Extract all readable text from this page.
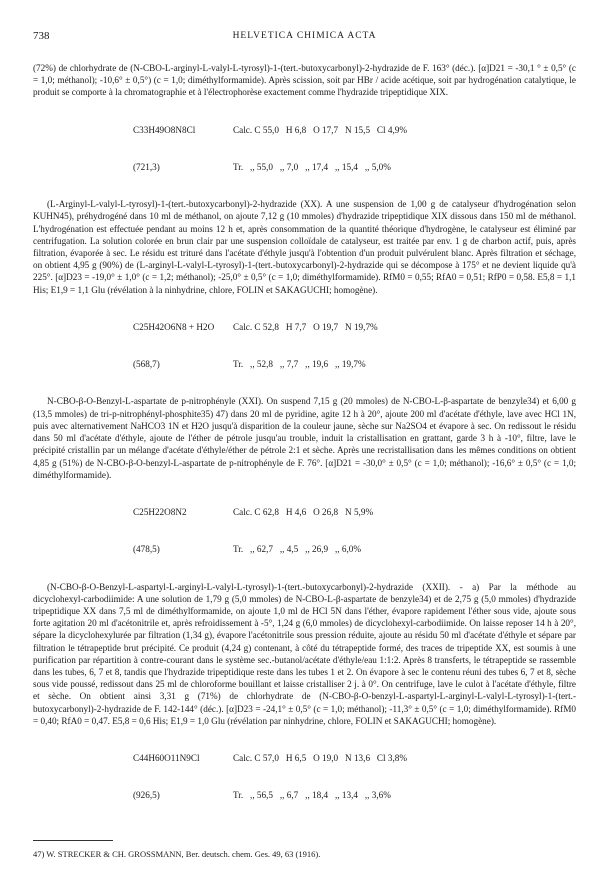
738	HELVETICA CHIMICA ACTA

(72%) de chlorhydrate de (N-CBO-L-arginyl-L-valyl-L-tyrosyl)-1-(tert.-butoxycarbonyl)-2-hydrazide de F. 163° (déc.). [α]D21 = -30,1 ° ± 0,5° (c = 1,0; méthanol); -10,6° ± 0,5°) (c = 1,0; diméthylformamide). Après scission, soit par HBr / acide acétique, soit par hydrogénation catalytique, le produit se comporte à la chromatographie et à l'électrophorèse exactement comme l'hydrazide tripeptidique XIX.

C33H49O8N8Cl	Calc. C 55,0   H 6,8   O 17,7   N 15,5   Cl 4,9%

(721,3)	Tr.   ,, 55,0   ,, 7,0   ,, 17,4   ,, 15,4   ,, 5,0%

(L-Arginyl-L-valyl-L-tyrosyl)-1-(tert.-butoxycarbonyl)-2-hydrazide (XX). A une suspension de 1,00 g de catalyseur d'hydrogénation selon KUHN45), préhydrogéné dans 10 ml de méthanol, on ajoute 7,12 g (10 mmoles) d'hydrazide tripeptidique XIX dissous dans 150 ml de méthanol. L'hydrogénation est effectuée pendant au moins 12 h et, après consommation de la quantité théorique d'hydrogène, le catalyseur est éliminé par centrifugation. La solution colorée en brun clair par une suspension colloïdale de catalyseur, est traitée par env. 1 g de charbon actif, puis, après filtration, évaporée à sec. Le résidu est trituré dans l'acétate d'éthyle jusqu'à l'obtention d'un produit pulvérulent blanc. Après filtration et séchage, on obtient 4,95 g (90%) de (L-arginyl-L-valyl-L-tyrosyl)-1-(tert.-butoxycarbonyl)-2-hydrazide qui se décompose à 175° et ne devient liquide qu'à 225°. [α]D23 = -19,0° ± 1,0° (c = 1,2; méthanol); -25,0° ± 0,5° (c = 1,0; diméthylformamide). RfM0 = 0,55; RfA0 = 0,51; RfP0 = 0,58. E5,8 = 1,1 His; E1,9 = 1,1 Glu (révélation à la ninhydrine, chlore, FOLIN et SAKAGUCHI; homogène).

C25H42O6N8 + H2O Calc. C 52,8   H 7,7   O 19,7   N 19,7%

(568,7)	Tr.   ,, 52,8   ,, 7,7   ,, 19,6   ,, 19,7%

N-CBO-β-O-Benzyl-L-aspartate de p-nitrophényle (XXI). On suspend 7,15 g (20 mmoles) de N-CBO-L-β-aspartate de benzyle34) et 6,00 g (13,5 mmoles) de tri-p-nitrophényl-phosphite35) 47) dans 20 ml de pyridine, agite 12 h à 20°, ajoute 200 ml d'acétate d'éthyle, lave avec HCl 1N, puis avec alternativement NaHCO3 1N et H2O jusqu'à disparition de la couleur jaune, sèche sur Na2SO4 et évapore à sec. On redissout le résidu dans 50 ml d'acétate d'éthyle, ajoute de l'éther de pétrole jusqu'au trouble, induit la cristallisation en grattant, garde 3 h à -10°, filtre, lave le précipité cristallin par un mélange d'acétate d'éthyle/éther de pétrole 2:1 et sèche. Après une recristallisation dans les mêmes conditions on obtient 4,85 g (51%) de N-CBO-β-O-benzyl-L-aspartate de p-nitrophényle de F. 76°. [α]D21 = -30,0° ± 0,5° (c = 1,0; méthanol); -16,6° ± 0,5° (c = 1,0; diméthylformamide).

C25H22O8N2	Calc. C 62,8   H 4,6   O 26,8   N 5,9%

(478,5)	Tr.   ,, 62,7   ,, 4,5   ,, 26,9   ,, 6,0%

(N-CBO-β-O-Benzyl-L-aspartyl-L-arginyl-L-valyl-L-tyrosyl)-1-(tert.-butoxycarbonyl)-2-hydrazide (XXII). - a) Par la méthode au dicyclohexyl-carbodiimide: A une solution de 1,79 g (5,0 mmoles) de N-CBO-L-β-aspartate de benzyle34) et de 2,75 g (5,0 mmoles) d'hydrazide tripeptidique XX dans 7,5 ml de diméthylformamide, on ajoute 1,0 ml de HCl 5N dans l'éther, évapore rapidement l'éther sous vide, ajoute sous forte agitation 20 ml d'acétonitrile et, après refroidissement à -5°, 1,24 g (6,0 mmoles) de dicyclohexyl-carbodiimide. On laisse reposer 14 h à 20°, sépare la dicyclohexylurée par filtration (1,34 g), évapore l'acétonitrile sous pression réduite, ajoute au résidu 50 ml d'acétate d'éthyle et sépare par filtration le tétrapeptide brut précipité. Ce produit (4,24 g) contenant, à côté du tétrapeptide formé, des traces de tripeptide XX, est soumis à une purification par répartition à contre-courant dans le système sec.-butanol/acétate d'éthyle/eau 1:1:2. Après 8 transferts, le tétrapeptide se rassemble dans les tubes, 6, 7 et 8, tandis que l'hydrazide tripeptidique reste dans les tubes 1 et 2. On évapore à sec le contenu réuni des tubes 6, 7 et 8, sèche sous vide poussé, redissout dans 25 ml de chloroforme bouillant et laisse cristalliser 2 j. à 0°. On centrifuge, lave le culot à l'acétate d'éthyle, filtre et sèche. On obtient ainsi 3,31 g (71%) de chlorhydrate de (N-CBO-β-O-benzyl-L-aspartyl-L-arginyl-L-valyl-L-tyrosyl)-1-(tert.-butoxycarbonyl)-2-hydrazide de F. 142-144° (déc.). [α]D23 = -24,1° ± 0,5° (c = 1,0; méthanol); -11,3° ± 0,5° (c = 1,0; diméthylformamide). RfM0 = 0,40; RfA0 = 0,47. E5,8 = 0,6 His; E1,9 = 1,0 Glu (révélation par ninhydrine, chlore, FOLIN et SAKAGUCHI; homogène).

C44H60O11N9Cl	Calc. C 57,0   H 6,5   O 19,0   N 13,6   Cl 3,8%

(926,5)	Tr.   ,, 56,5   ,, 6,7   ,, 18,4   ,, 13,4   ,, 3,6%

47) W. STRECKER & CH. GROSSMANN, Ber. deutsch. chem. Ges. 49, 63 (1916).
